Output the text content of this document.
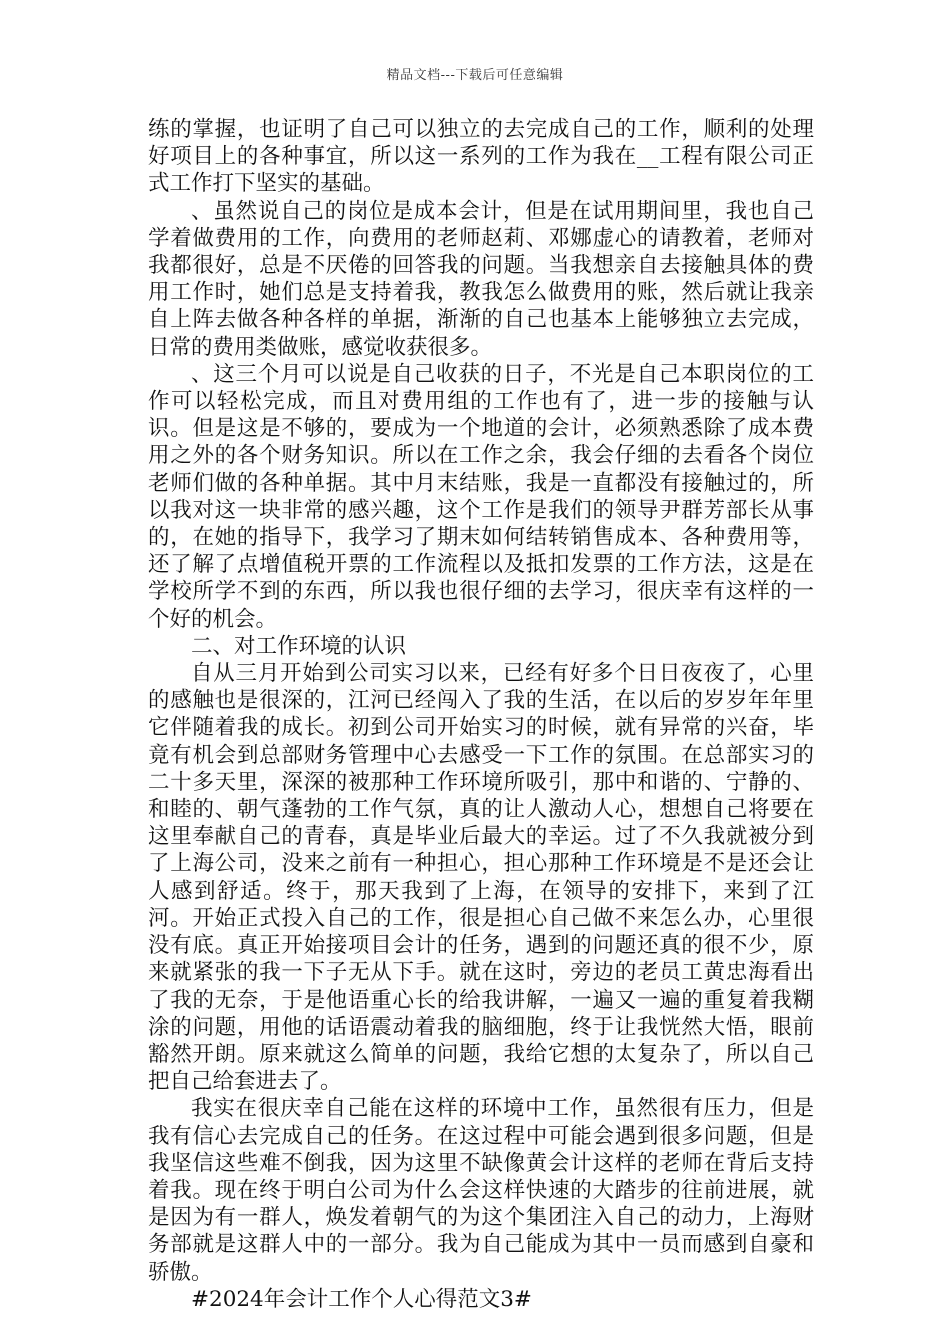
精品文档---下载后可任意编辑

练的掌握，也证明了自己可以独立的去完成自己的工作，顺利的处理好项目上的各种事宜，所以这一系列的工作为我在__工程有限公司正式工作打下坚实的基础。

、虽然说自己的岗位是成本会计，但是在试用期间里，我也自己学着做费用的工作，向费用的老师赵莉、邓娜虚心的请教着，老师对我都很好，总是不厌倦的回答我的问题。当我想亲自去接触具体的费用工作时，她们总是支持着我，教我怎么做费用的账，然后就让我亲自上阵去做各种各样的单据，渐渐的自己也基本上能够独立去完成，日常的费用类做账，感觉收获很多。

、这三个月可以说是自己收获的日子，不光是自己本职岗位的工作可以轻松完成，而且对费用组的工作也有了，进一步的接触与认识。但是这是不够的，要成为一个地道的会计，必须熟悉除了成本费用之外的各个财务知识。所以在工作之余，我会仔细的去看各个岗位老师们做的各种单据。其中月末结账，我是一直都没有接触过的，所以我对这一块非常的感兴趣，这个工作是我们的领导尹群芳部长从事的，在她的指导下，我学习了期末如何结转销售成本、各种费用等，还了解了点增值税开票的工作流程以及抵扣发票的工作方法，这是在学校所学不到的东西，所以我也很仔细的去学习，很庆幸有这样的一个好的机会。

二、对工作环境的认识

自从三月开始到公司实习以来，已经有好多个日日夜夜了，心里的感触也是很深的，江河已经闯入了我的生活，在以后的岁岁年年里它伴随着我的成长。初到公司开始实习的时候，就有异常的兴奋，毕竟有机会到总部财务管理中心去感受一下工作的氛围。在总部实习的二十多天里，深深的被那种工作环境所吸引，那中和谐的、宁静的、和睦的、朝气蓬勃的工作气氛，真的让人激动人心，想想自己将要在这里奉献自己的青春，真是毕业后最大的幸运。过了不久我就被分到了上海公司，没来之前有一种担心，担心那种工作环境是不是还会让人感到舒适。终于，那天我到了上海，在领导的安排下，来到了江河。开始正式投入自己的工作，很是担心自己做不来怎么办，心里很没有底。真正开始接项目会计的任务，遇到的问题还真的很不少，原来就紧张的我一下子无从下手。就在这时，旁边的老员工黄忠海看出了我的无奈，于是他语重心长的给我讲解，一遍又一遍的重复着我糊涂的问题，用他的话语震动着我的脑细胞，终于让我恍然大悟，眼前豁然开朗。原来就这么简单的问题，我给它想的太复杂了，所以自己把自己给套进去了。

我实在很庆幸自己能在这样的环境中工作，虽然很有压力，但是我有信心去完成自己的任务。在这过程中可能会遇到很多问题，但是我坚信这些难不倒我，因为这里不缺像黄会计这样的老师在背后支持着我。现在终于明白公司为什么会这样快速的大踏步的往前进展，就是因为有一群人，焕发着朝气的为这个集团注入自己的动力，上海财务部就是这群人中的一部分。我为自己能成为其中一员而感到自豪和骄傲。

#2024年会计工作个人心得范文3#
